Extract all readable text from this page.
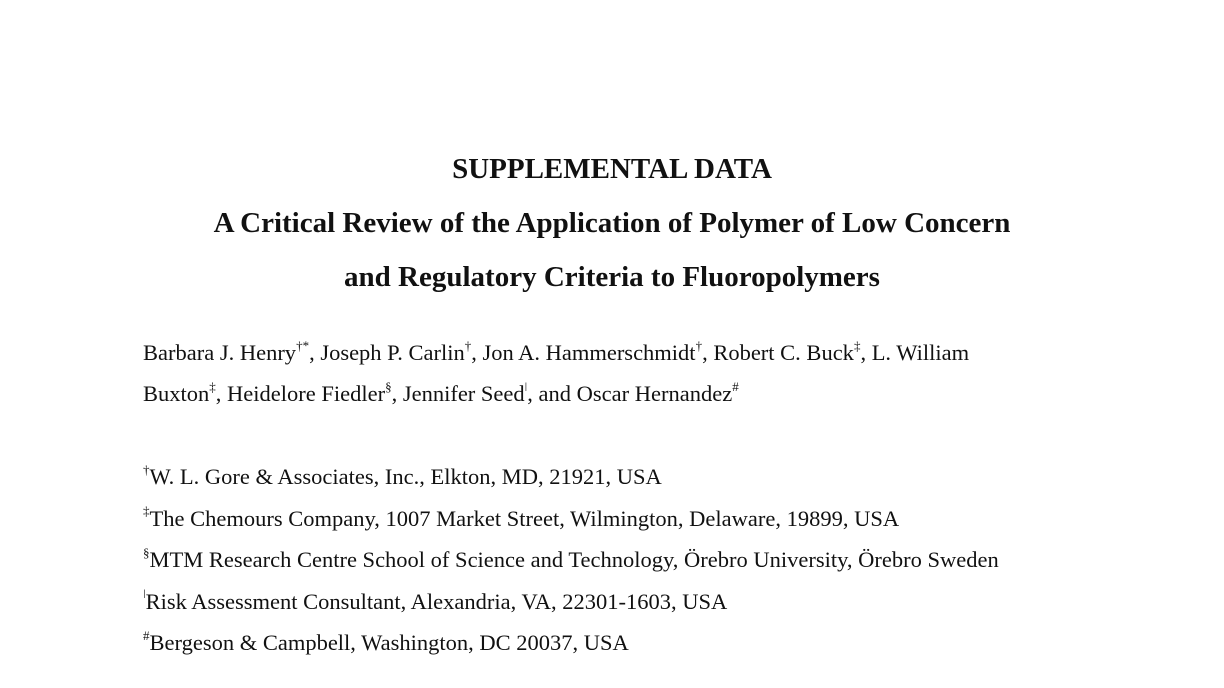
SUPPLEMENTAL DATA
A Critical Review of the Application of Polymer of Low Concern
and Regulatory Criteria to Fluoropolymers
Barbara J. Henry†*, Joseph P. Carlin†, Jon A. Hammerschmidt†, Robert C. Buck‡, L. William
Buxton‡, Heidelore Fiedler§, Jennifer Seed$^ǀ$, and Oscar Hernandez#
†W. L. Gore & Associates, Inc., Elkton, MD, 21921, USA
‡The Chemours Company, 1007 Market Street, Wilmington, Delaware, 19899, USA
§MTM Research Centre School of Science and Technology, Örebro University, Örebro Sweden
$^ǀ$Risk Assessment Consultant, Alexandria, VA, 22301-1603, USA
#Bergeson & Campbell, Washington, DC 20037, USA
